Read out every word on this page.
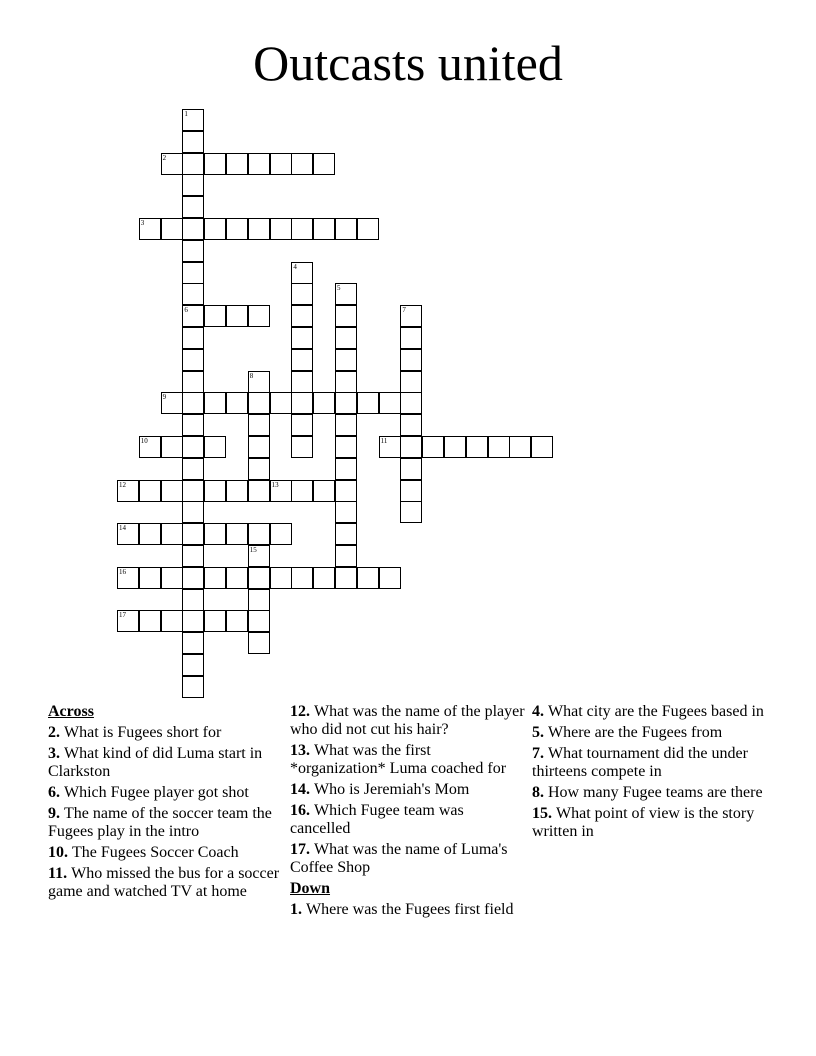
Outcasts united
2
3
6
9
10	11
12	13
14
16
17
1
4
5
7
8
15
Across
2. What is Fugees short for
3. What kind of did Luma start in Clarkston
6. Which Fugee player got shot
9. The name of the soccer team the Fugees play in the intro
10. The Fugees Soccer Coach
11. Who missed the bus for a soccer game and watched TV at home
12. What was the name of the player who did not cut his hair?
13. What was the first *organization* Luma coached for
14. Who is Jeremiah's Mom
16. Which Fugee team was cancelled
17. What was the name of Luma's Coffee Shop
Down
1. Where was the Fugees first field
4. What city are the Fugees based in
5. Where are the Fugees from
7. What tournament did the under thirteens compete in
8. How many Fugee teams are there
15. What point of view is the story written in
